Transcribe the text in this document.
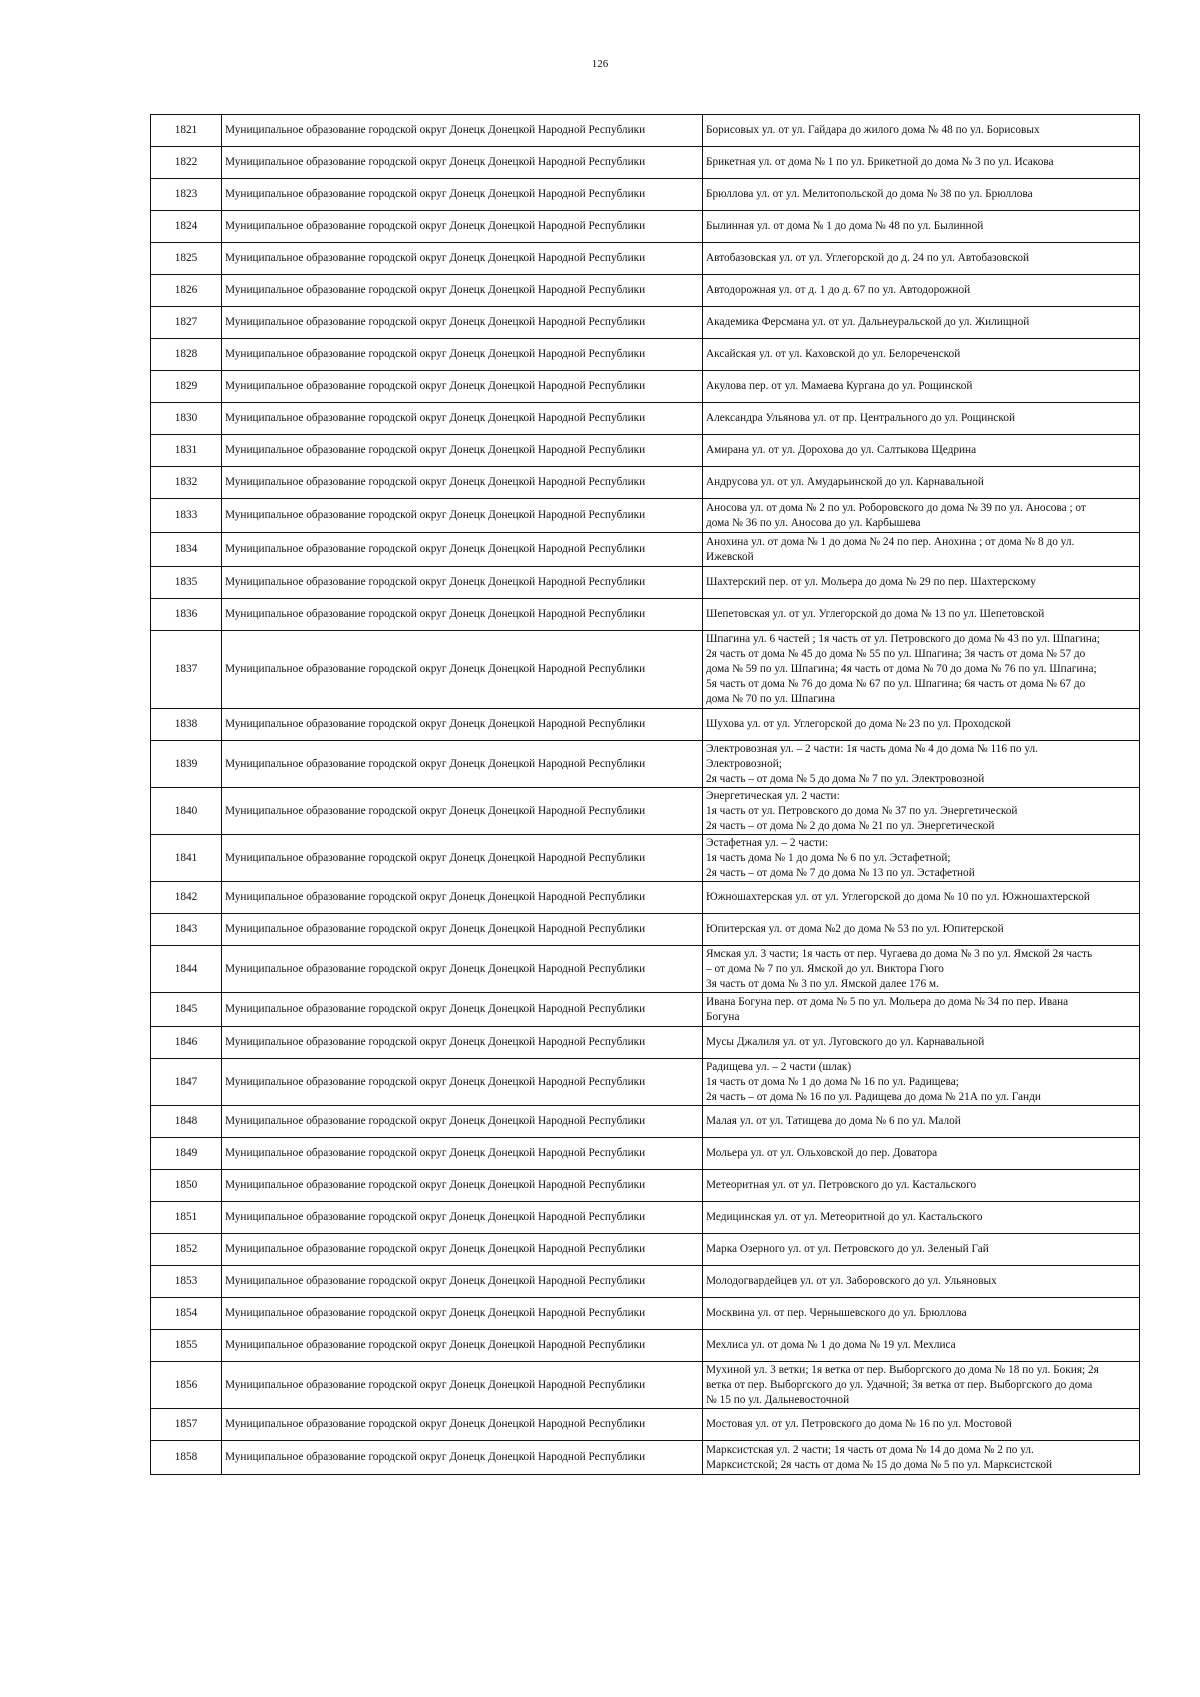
126
1821	Муниципальное образование городской округ Донецк Донецкой Народной Республики	Борисовых ул. от ул. Гайдара до жилого дома № 48 по ул. Борисовых

1822	Муниципальное образование городской округ Донецк Донецкой Народной Республики	Брикетная ул. от дома № 1 по ул. Брикетной до дома № 3 по ул. Исакова

1823	Муниципальное образование городской округ Донецк Донецкой Народной Республики	Брюллова ул. от ул. Мелитопольской до дома № 38 по ул. Брюллова

1824	Муниципальное образование городской округ Донецк Донецкой Народной Республики	Былинная ул. от дома № 1 до дома № 48 по ул. Былинной

1825	Муниципальное образование городской округ Донецк Донецкой Народной Республики	Автобазовская ул. от ул. Углегорской до д. 24 по ул. Автобазовской

1826	Муниципальное образование городской округ Донецк Донецкой Народной Республики	Автодорожная ул. от д. 1 до д. 67 по ул. Автодорожной

1827	Муниципальное образование городской округ Донецк Донецкой Народной Республики	Академика Ферсмана ул. от ул. Дальнеуральской до ул. Жилищной

1828	Муниципальное образование городской округ Донецк Донецкой Народной Республики	Аксайская ул. от ул. Каховской до ул. Белореченской

1829	Муниципальное образование городской округ Донецк Донецкой Народной Республики	Акулова пер. от ул. Мамаева Кургана до ул. Рощинской

1830	Муниципальное образование городской округ Донецк Донецкой Народной Республики	Александра Ульянова ул. от пр. Центрального до ул. Рощинской

1831	Муниципальное образование городской округ Донецк Донецкой Народной Республики	Амирана ул. от ул. Дорохова до ул. Салтыкова Щедрина

1832	Муниципальное образование городской округ Донецк Донецкой Народной Республики	Андрусова ул. от ул. Амударьинской до ул. Карнавальной

1833	Муниципальное образование городской округ Донецк Донецкой Народной Республики	Аносова ул. от дома № 2 по ул. Роборовского до дома № 39 по ул. Аносова ; от
дома № 36 по ул. Аносова до ул. Карбышева

1834	Муниципальное образование городской округ Донецк Донецкой Народной Республики	Анохина ул. от дома № 1 до дома № 24 по пер. Анохина ; от дома № 8 до ул.
Ижевской

1835	Муниципальное образование городской округ Донецк Донецкой Народной Республики	Шахтерский пер. от ул. Мольера до дома № 29 по пер. Шахтерскому

1836	Муниципальное образование городской округ Донецк Донецкой Народной Республики	Шепетовская ул. от ул. Углегорской до дома № 13 по ул. Шепетовской

1837	Муниципальное образование городской округ Донецк Донецкой Народной Республики	Шпагина ул. 6 частей ; 1я часть от ул. Петровского до дома № 43 по ул. Шпагина;
2я часть от дома № 45 до дома № 55 по ул. Шпагина; 3я часть от дома № 57 до
дома № 59 по ул. Шпагина; 4я часть от дома № 70 до дома № 76 по ул. Шпагина;
5я часть от дома № 76 до дома № 67 по ул. Шпагина; 6я часть от дома № 67 до
дома № 70 по ул. Шпагина

1838	Муниципальное образование городской округ Донецк Донецкой Народной Республики	Шухова ул. от ул. Углегорской до дома № 23 по ул. Проходской

1839	Муниципальное образование городской округ Донецк Донецкой Народной Республики	Электровозная ул. – 2 части: 1я часть дома № 4 до дома № 116 по ул.
Электровозной;
2я часть – от дома № 5 до дома № 7 по ул. Электровозной

1840	Муниципальное образование городской округ Донецк Донецкой Народной Республики	Энергетическая ул. 2 части:
1я часть от ул. Петровского до дома № 37 по ул. Энергетической
2я часть – от дома № 2 до дома № 21 по ул. Энергетической

1841	Муниципальное образование городской округ Донецк Донецкой Народной Республики	Эстафетная ул. – 2 части:
1я часть дома № 1 до дома № 6 по ул. Эстафетной;
2я часть – от дома № 7 до дома № 13 по ул. Эстафетной

1842	Муниципальное образование городской округ Донецк Донецкой Народной Республики	Южношахтерская ул. от ул. Углегорской до дома № 10 по ул. Южношахтерской

1843	Муниципальное образование городской округ Донецк Донецкой Народной Республики	Юпитерская ул. от дома №2 до дома № 53 по ул. Юпитерской

1844	Муниципальное образование городской округ Донецк Донецкой Народной Республики	Ямская ул. 3 части; 1я часть от пер. Чугаева до дома № 3 по ул. Ямской 2я часть
– от дома № 7 по ул. Ямской до ул. Виктора Гюго
3я часть от дома № 3 по ул. Ямской далее 176 м.

1845	Муниципальное образование городской округ Донецк Донецкой Народной Республики	Ивана Богуна пер. от дома № 5 по ул. Мольера до дома № 34 по пер. Ивана
Богуна

1846	Муниципальное образование городской округ Донецк Донецкой Народной Республики	Мусы Джалиля ул. от ул. Луговского до ул. Карнавальной

1847	Муниципальное образование городской округ Донецк Донецкой Народной Республики	Радищева ул. – 2 части (шлак)
1я часть от дома № 1 до дома № 16 по ул. Радищева;
2я часть – от дома № 16 по ул. Радищева до дома № 21А по ул. Ганди

1848	Муниципальное образование городской округ Донецк Донецкой Народной Республики	Малая ул. от ул. Татищева до дома № 6 по ул. Малой

1849	Муниципальное образование городской округ Донецк Донецкой Народной Республики	Мольера ул. от ул. Ольховской до пер. Доватора

1850	Муниципальное образование городской округ Донецк Донецкой Народной Республики	Метеоритная ул. от ул. Петровского до ул. Кастальского

1851	Муниципальное образование городской округ Донецк Донецкой Народной Республики	Медицинская ул. от ул. Метеоритной до ул. Кастальского

1852	Муниципальное образование городской округ Донецк Донецкой Народной Республики	Марка Озерного ул. от ул. Петровского до ул. Зеленый Гай

1853	Муниципальное образование городской округ Донецк Донецкой Народной Республики	Молодогвардейцев ул. от ул. Заборовского до ул. Ульяновых

1854	Муниципальное образование городской округ Донецк Донецкой Народной Республики	Москвина ул. от пер. Чернышевского до ул. Брюллова

1855	Муниципальное образование городской округ Донецк Донецкой Народной Республики	Мехлиса ул. от дома № 1 до дома № 19 ул. Мехлиса

1856	Муниципальное образование городской округ Донецк Донецкой Народной Республики	Мухиной ул. 3 ветки; 1я ветка от пер. Выборгского до дома № 18 по ул. Бокия; 2я
ветка от пер. Выборгского до ул. Удачной; 3я ветка от пер. Выборгского до дома
№ 15 по ул. Дальневосточной

1857	Муниципальное образование городской округ Донецк Донецкой Народной Республики	Мостовая ул. от ул. Петровского до дома № 16 по ул. Мостовой

1858	Муниципальное образование городской округ Донецк Донецкой Народной Республики	Марксистская ул. 2 части; 1я часть от дома № 14 до дома № 2 по ул.
Марксистской; 2я часть от дома № 15 до дома № 5 по ул. Марксистской
